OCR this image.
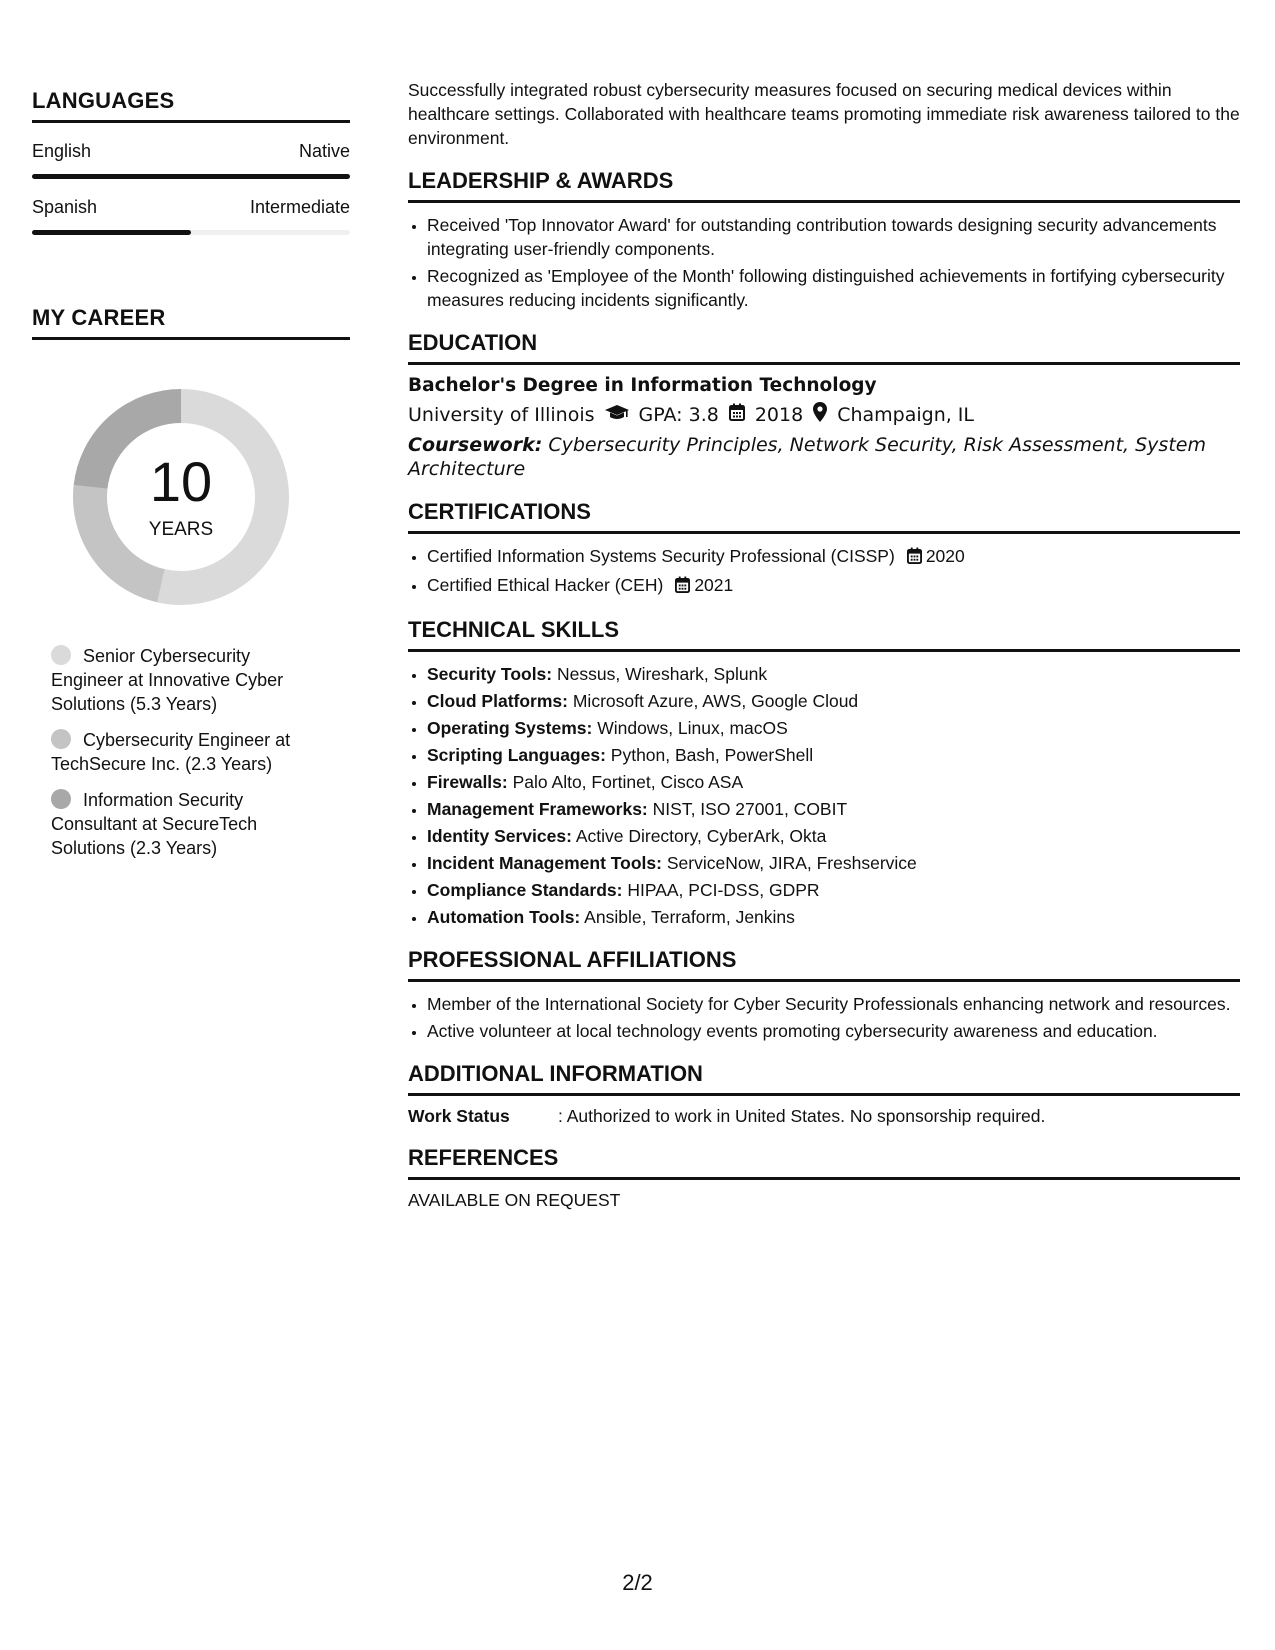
LANGUAGES
English	Native
Spanish	Intermediate
MY CAREER
10
YEARS
Senior Cybersecurity Engineer at Innovative Cyber Solutions (5.3 Years)
Cybersecurity Engineer at TechSecure Inc. (2.3 Years)
Information Security Consultant at SecureTech Solutions (2.3 Years)

Successfully integrated robust cybersecurity measures focused on securing medical devices within healthcare settings. Collaborated with healthcare teams promoting immediate risk awareness tailored to the environment.

LEADERSHIP & AWARDS
• Received 'Top Innovator Award' for outstanding contribution towards designing security advancements integrating user-friendly components.
• Recognized as 'Employee of the Month' following distinguished achievements in fortifying cybersecurity measures reducing incidents significantly.
EDUCATION
Bachelor's Degree in Information Technology
University of Illinois GPA: 3.8 2018 Champaign, IL
Coursework: Cybersecurity Principles, Network Security, Risk Assessment, System Architecture
CERTIFICATIONS
• Certified Information Systems Security Professional (CISSP) 2020
• Certified Ethical Hacker (CEH) 2021
TECHNICAL SKILLS
• Security Tools: Nessus, Wireshark, Splunk
• Cloud Platforms: Microsoft Azure, AWS, Google Cloud
• Operating Systems: Windows, Linux, macOS
• Scripting Languages: Python, Bash, PowerShell
• Firewalls: Palo Alto, Fortinet, Cisco ASA
• Management Frameworks: NIST, ISO 27001, COBIT
• Identity Services: Active Directory, CyberArk, Okta
• Incident Management Tools: ServiceNow, JIRA, Freshservice
• Compliance Standards: HIPAA, PCI-DSS, GDPR
• Automation Tools: Ansible, Terraform, Jenkins
PROFESSIONAL AFFILIATIONS
• Member of the International Society for Cyber Security Professionals enhancing network and resources.
• Active volunteer at local technology events promoting cybersecurity awareness and education.
ADDITIONAL INFORMATION
Work Status	: Authorized to work in United States. No sponsorship required.
REFERENCES
AVAILABLE ON REQUEST
2/2
